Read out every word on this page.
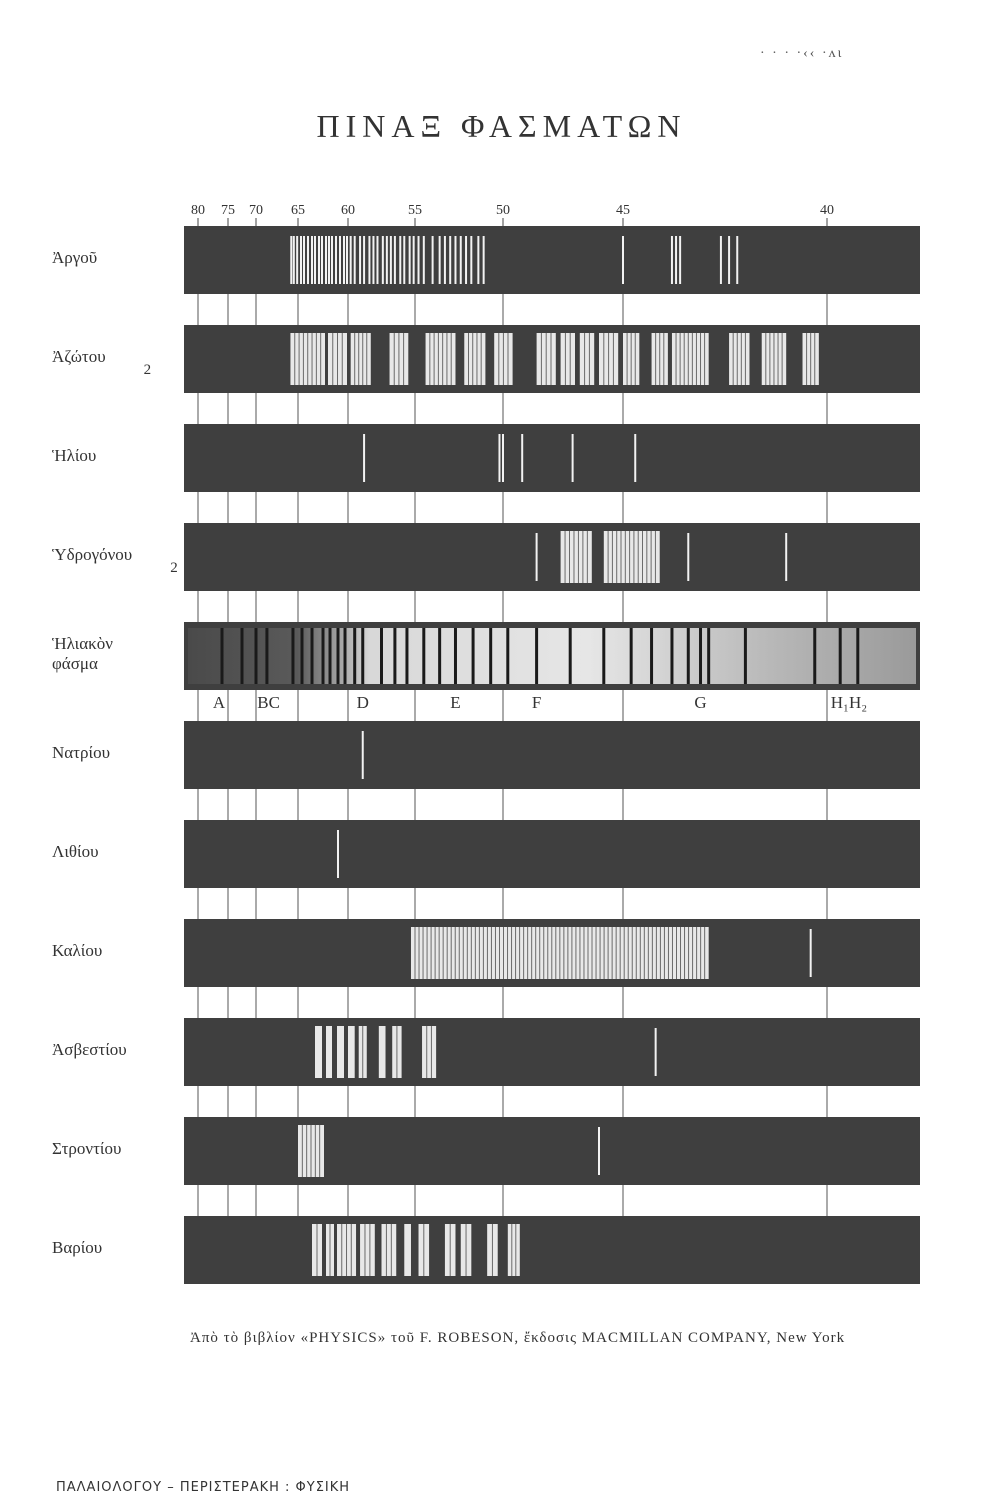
· · · ·‹‹ ·ʌι
ΠΙΝΑΞ ΦΑΣΜΑΤΩΝ
80 75 70 65	60	55	50	45	40
A BC	D	E	F	G	H₁H₂
Ἀργοῦ
Ἀζώτου2
Ἡλίου
Ὑδρογόνου2
Ἡλιακὸν
φάσμα
Νατρίου
Λιθίου
Καλίου
Ἀσβεστίου
Στροντίου
Βαρίου
Ἀπὸ τὸ βιβλίον «PHYSICS» τοῦ F. ROBESON, ἔκδοσις MACMILLAN COMPANY, New York
ΠΑΛΑΙΟΛΟΓΟΥ – ΠΕΡΙΣΤΕΡΑΚΗ : ΦΥΣΙΚΗ
